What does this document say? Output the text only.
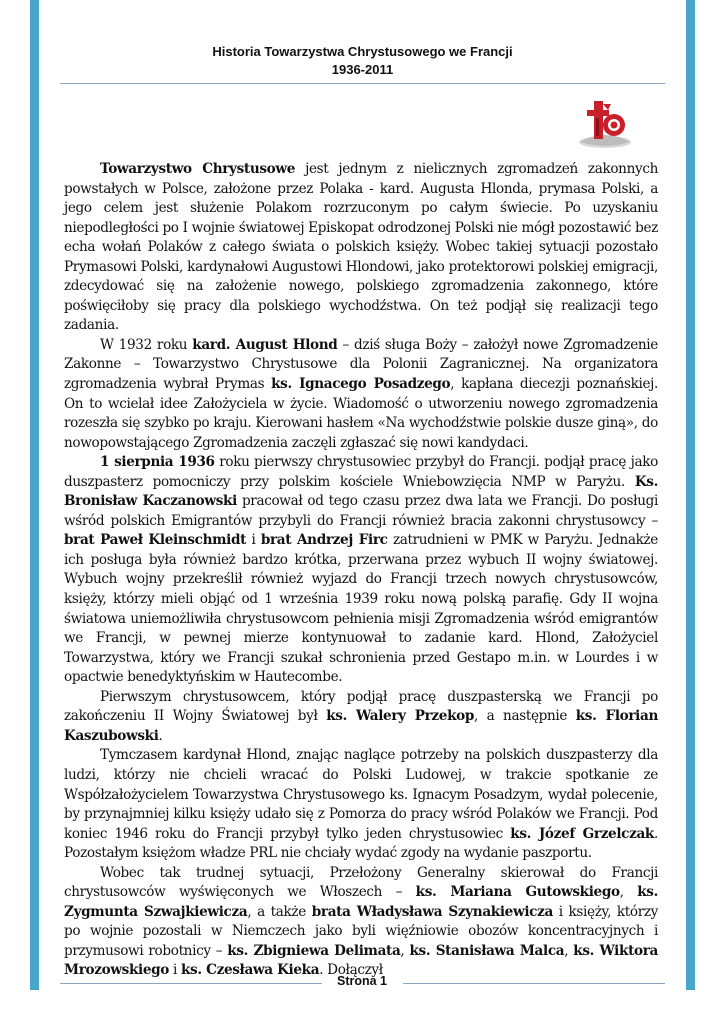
Historia Towarzystwa Chrystusowego we Francji
1936-2011

Towarzystwo Chrystusowe jest jednym z nielicznych zgromadzeń zakonnych powstałych w Polsce, założone przez Polaka - kard. Augusta Hlonda, prymasa Polski, a jego celem jest służenie Polakom rozrzuconym po całym świecie. Po uzyskaniu niepodległości po I wojnie światowej Episkopat odrodzonej Polski nie mógł pozostawić bez echa wołań Polaków z całego świata o polskich księży. Wobec takiej sytuacji pozostało Prymasowi Polski, kardynałowi Augustowi Hlondowi, jako protektorowi polskiej emigracji, zdecydować się na założenie nowego, polskiego zgromadzenia zakonnego, które poświęciłoby się pracy dla polskiego wychodźstwa. On też podjął się realizacji tego zadania.

W 1932 roku kard. August Hlond – dziś sługa Boży – założył nowe Zgromadzenie Zakonne – Towarzystwo Chrystusowe dla Polonii Zagranicznej. Na organizatora zgromadzenia wybrał Prymas ks. Ignacego Posadzego, kapłana diecezji poznańskiej. On to wcielał idee Założyciela w życie. Wiadomość o utworzeniu nowego zgromadzenia rozeszła się szybko po kraju. Kierowani hasłem «Na wychodźstwie polskie dusze giną», do nowopowstającego Zgromadzenia zaczęli zgłaszać się nowi kandydaci.

1 sierpnia 1936 roku pierwszy chrystusowiec przybył do Francji. podjął pracę jako duszpasterz pomocniczy przy polskim kościele Wniebowzięcia NMP w Paryżu. Ks. Bronisław Kaczanowski pracował od tego czasu przez dwa lata we Francji. Do posługi wśród polskich Emigrantów przybyli do Francji również bracia zakonni chrystusowcy – brat Paweł Kleinschmidt i brat Andrzej Firc zatrudnieni w PMK w Paryżu. Jednakże ich posługa była również bardzo krótka, przerwana przez wybuch II wojny światowej. Wybuch wojny przekreślił również wyjazd do Francji trzech nowych chrystusowców, księży, którzy mieli objąć od 1 września 1939 roku nową polską parafię. Gdy II wojna światowa uniemożliwiła chrystusowcom pełnienia misji Zgromadzenia wśród emigrantów we Francji, w pewnej mierze kontynuował to zadanie kard. Hlond, Założyciel Towarzystwa, który we Francji szukał schronienia przed Gestapo m.in. w Lourdes i w opactwie benedyktyńskim w Hautecombe.

Pierwszym chrystusowcem, który podjął pracę duszpasterską we Francji po zakończeniu II Wojny Światowej był ks. Walery Przekop, a następnie ks. Florian Kaszubowski.

Tymczasem kardynał Hlond, znając naglące potrzeby na polskich duszpasterzy dla ludzi, którzy nie chcieli wracać do Polski Ludowej, w trakcie spotkanie ze Współzałożycielem Towarzystwa Chrystusowego ks. Ignacym Posadzym, wydał polecenie, by przynajmniej kilku księży udało się z Pomorza do pracy wśród Polaków we Francji. Pod koniec 1946 roku do Francji przybył tylko jeden chrystusowiec ks. Józef Grzelczak. Pozostałym księżom władze PRL nie chciały wydać zgody na wydanie paszportu.

Wobec tak trudnej sytuacji, Przełożony Generalny skierował do Francji chrystusowców wyświęconych we Włoszech – ks. Mariana Gutowskiego, ks. Zygmunta Szwajkiewicza, a także brata Władysława Szynakiewicza i księży, którzy po wojnie pozostali w Niemczech jako byli więźniowie obozów koncentracyjnych i przymusowi robotnicy – ks. Zbigniewa Delimata, ks. Stanisława Malca, ks. Wiktora Mrozowskiego i ks. Czesława Kieka. Dołączył

Strona 1
